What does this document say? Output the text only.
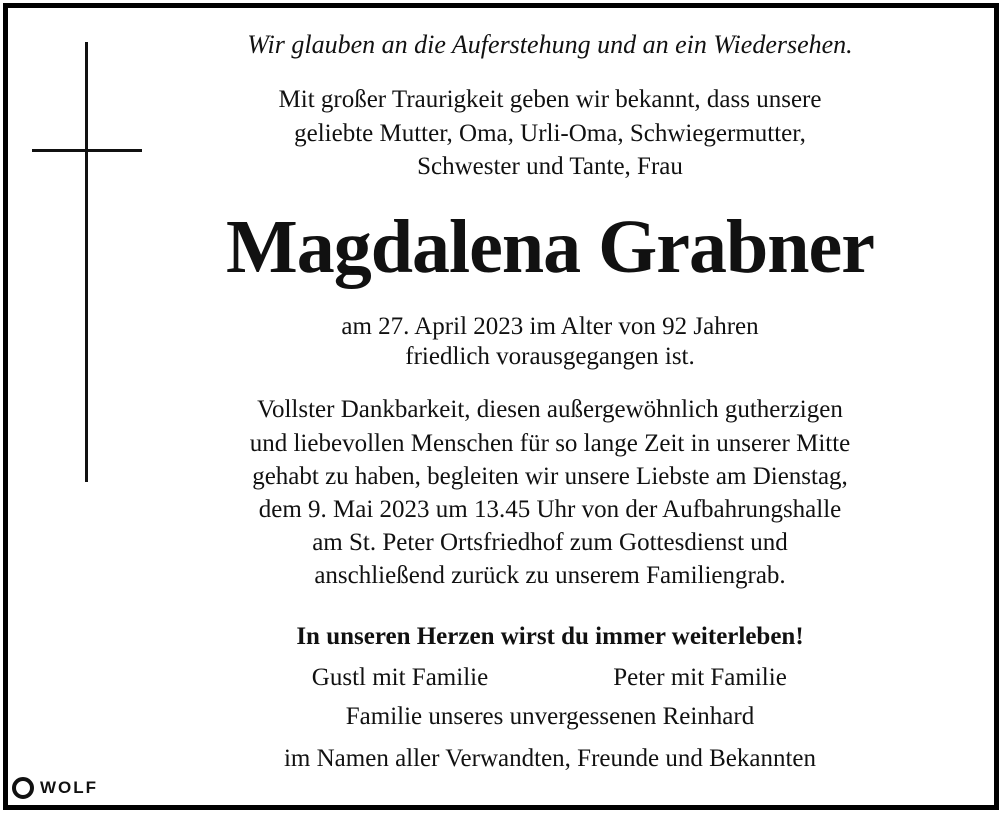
Wir glauben an die Auferstehung und an ein Wiedersehen.
Mit großer Traurigkeit geben wir bekannt, dass unsere
geliebte Mutter, Oma, Urli-Oma, Schwiegermutter,
Schwester und Tante, Frau
Magdalena Grabner
am 27. April 2023 im Alter von 92 Jahren
friedlich vorausgegangen ist.
Vollster Dankbarkeit, diesen außergewöhnlich gutherzigen
und liebevollen Menschen für so lange Zeit in unserer Mitte
gehabt zu haben, begleiten wir unsere Liebste am Dienstag,
dem 9. Mai 2023 um 13.45 Uhr von der Aufbahrungshalle
am St. Peter Ortsfriedhof zum Gottesdienst und
anschließend zurück zu unserem Familiengrab.
In unseren Herzen wirst du immer weiterleben!
Gustl mit Familie	Peter mit Familie
Familie unseres unvergessenen Reinhard
im Namen aller Verwandten, Freunde und Bekannten
WOLF
